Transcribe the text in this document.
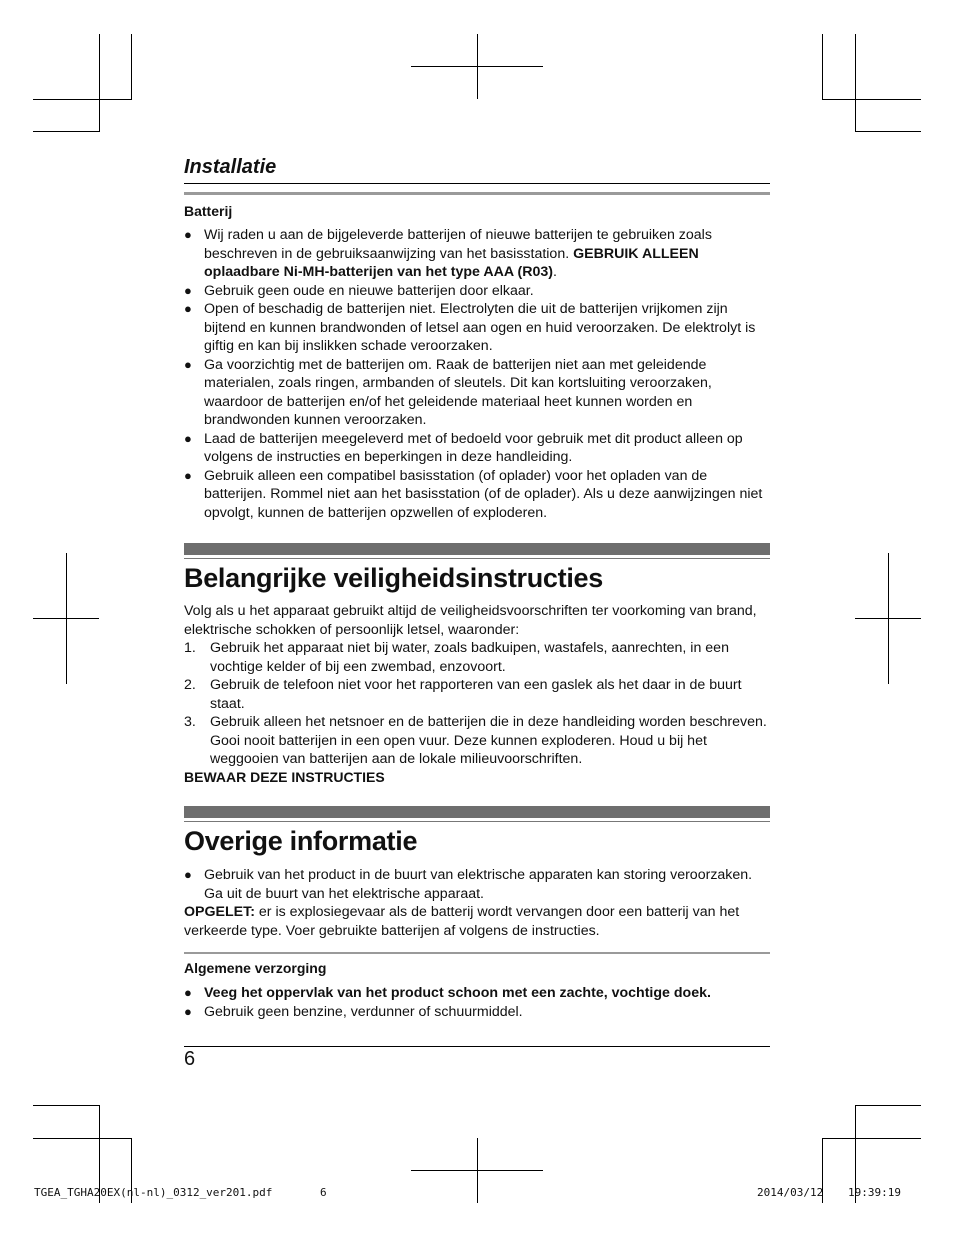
Installatie
Batterij
● Wij raden u aan de bijgeleverde batterijen of nieuwe batterijen te gebruiken zoals beschreven in de gebruiksaanwijzing van het basisstation. GEBRUIK ALLEEN oplaadbare Ni-MH-batterijen van het type AAA (R03).
● Gebruik geen oude en nieuwe batterijen door elkaar.
● Open of beschadig de batterijen niet. Electrolyten die uit de batterijen vrijkomen zijn bijtend en kunnen brandwonden of letsel aan ogen en huid veroorzaken. De elektrolyt is giftig en kan bij inslikken schade veroorzaken.
● Ga voorzichtig met de batterijen om. Raak de batterijen niet aan met geleidende materialen, zoals ringen, armbanden of sleutels. Dit kan kortsluiting veroorzaken, waardoor de batterijen en/of het geleidende materiaal heet kunnen worden en brandwonden kunnen veroorzaken.
● Laad de batterijen meegeleverd met of bedoeld voor gebruik met dit product alleen op volgens de instructies en beperkingen in deze handleiding.
● Gebruik alleen een compatibel basisstation (of oplader) voor het opladen van de batterijen. Rommel niet aan het basisstation (of de oplader). Als u deze aanwijzingen niet opvolgt, kunnen de batterijen opzwellen of exploderen.
Belangrijke veiligheidsinstructies
Volg als u het apparaat gebruikt altijd de veiligheidsvoorschriften ter voorkoming van brand, elektrische schokken of persoonlijk letsel, waaronder:
1. Gebruik het apparaat niet bij water, zoals badkuipen, wastafels, aanrechten, in een vochtige kelder of bij een zwembad, enzovoort.
2. Gebruik de telefoon niet voor het rapporteren van een gaslek als het daar in de buurt staat.
3. Gebruik alleen het netsnoer en de batterijen die in deze handleiding worden beschreven. Gooi nooit batterijen in een open vuur. Deze kunnen exploderen. Houd u bij het weggooien van batterijen aan de lokale milieuvoorschriften.
BEWAAR DEZE INSTRUCTIES
Overige informatie
● Gebruik van het product in de buurt van elektrische apparaten kan storing veroorzaken. Ga uit de buurt van het elektrische apparaat.
OPGELET: er is explosiegevaar als de batterij wordt vervangen door een batterij van het verkeerde type. Voer gebruikte batterijen af volgens de instructies.
Algemene verzorging
● Veeg het oppervlak van het product schoon met een zachte, vochtige doek.
● Gebruik geen benzine, verdunner of schuurmiddel.
6
TGEA_TGHA20EX(nl-nl)_0312_ver201.pdf	6	2014/03/12 19:39:19
